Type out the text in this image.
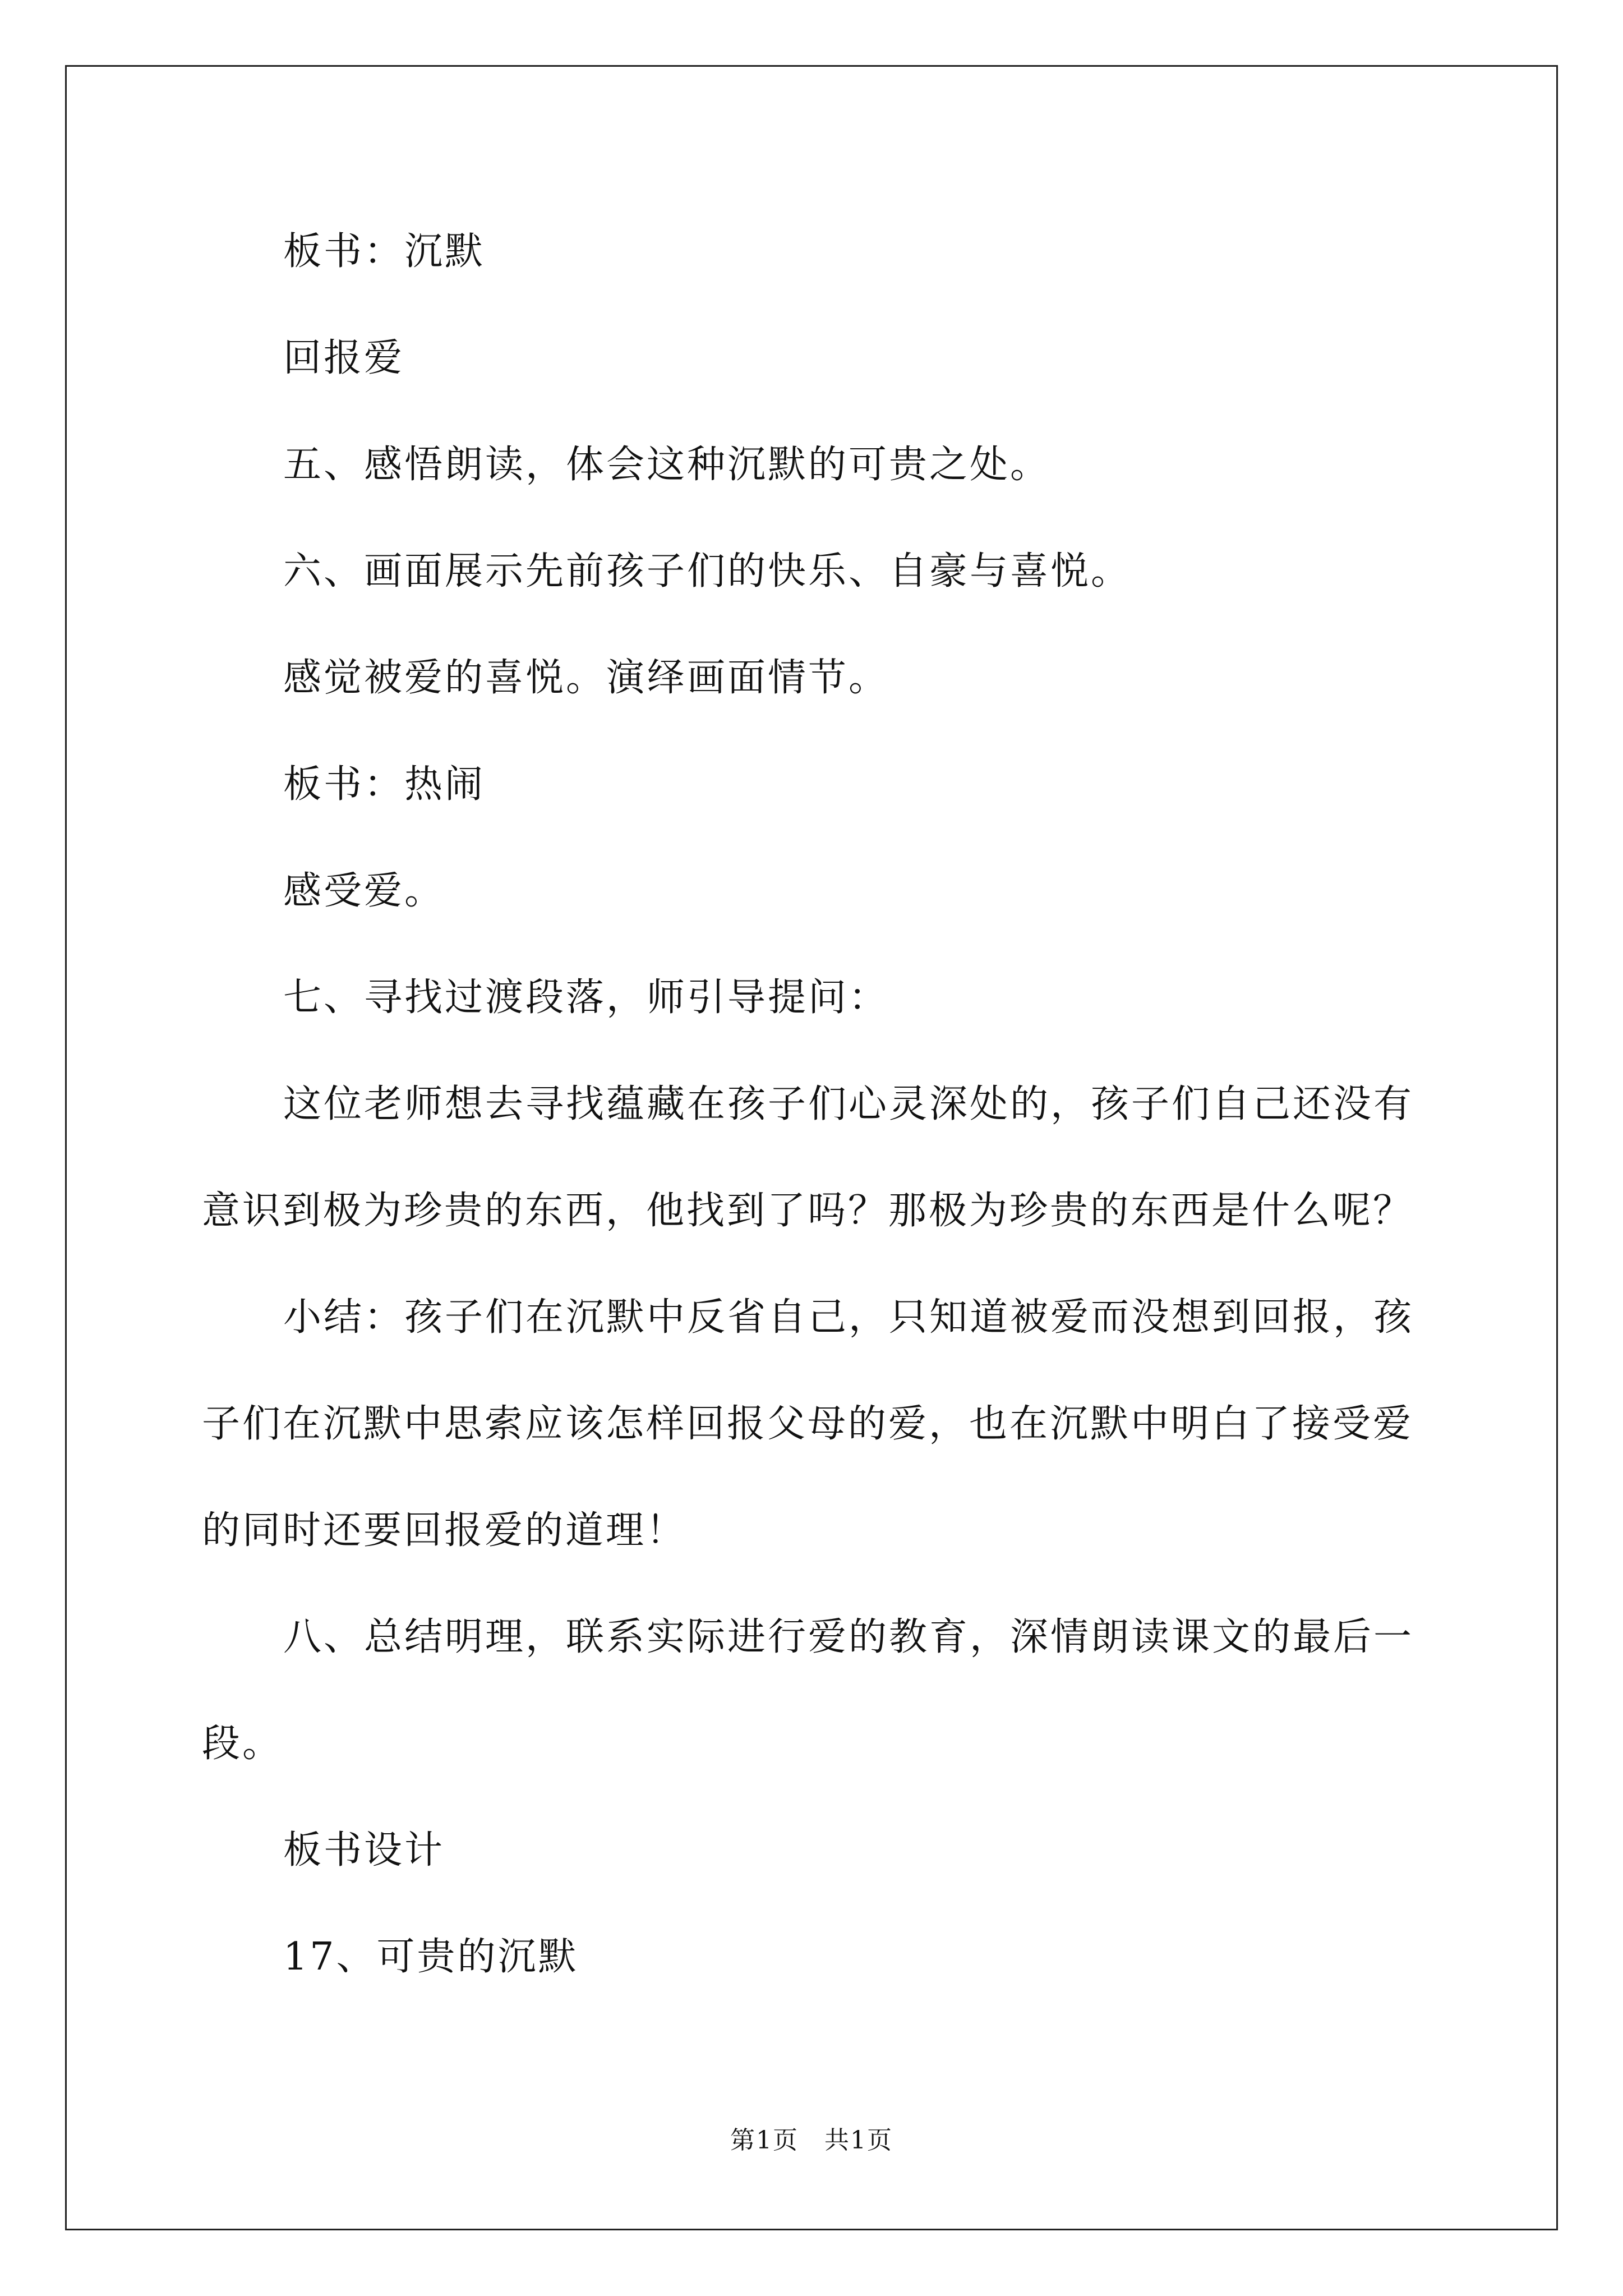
板书：沉默

回报爱

五、感悟朗读，体会这种沉默的可贵之处。

六、画面展示先前孩子们的快乐、自豪与喜悦。

感觉被爱的喜悦。演绎画面情节。

板书：热闹

感受爱。

七、寻找过渡段落，师引导提问：

这位老师想去寻找蕴藏在孩子们心灵深处的，孩子们自己还没有

意识到极为珍贵的东西，他找到了吗？那极为珍贵的东西是什么呢？

小结：孩子们在沉默中反省自己，只知道被爱而没想到回报，孩

子们在沉默中思索应该怎样回报父母的爱，也在沉默中明白了接受爱

的同时还要回报爱的道理！

八、总结明理，联系实际进行爱的教育，深情朗读课文的最后一

段。

板书设计

17、可贵的沉默

第1页　共1页
